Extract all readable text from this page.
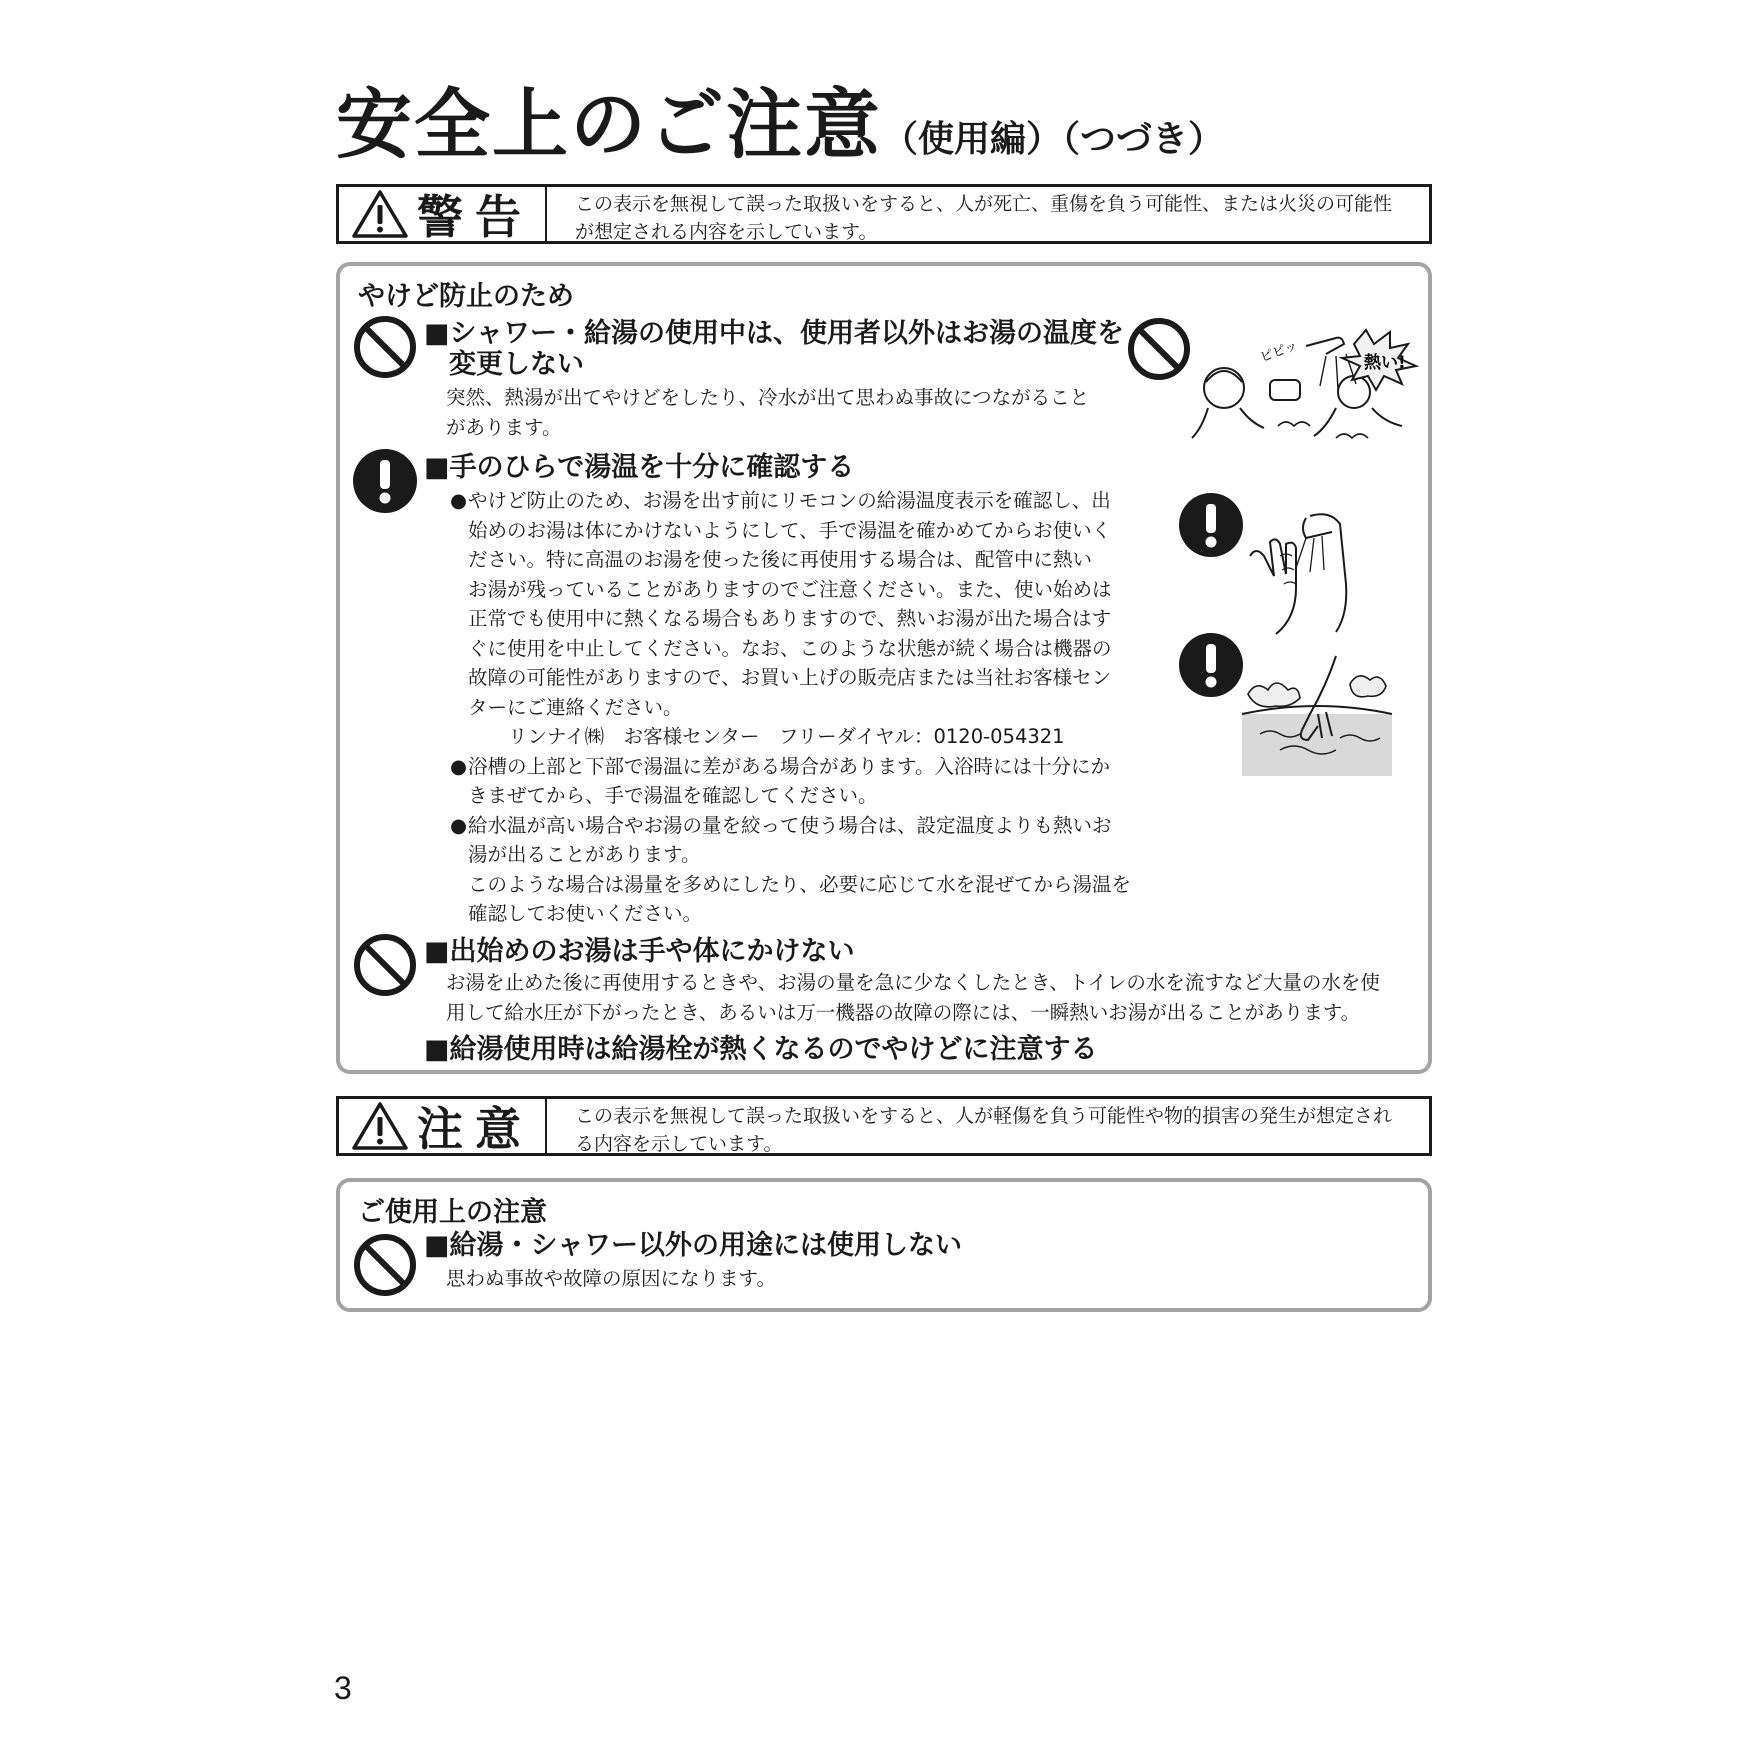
安全上のご注意（使用編）（つづき）
警告	この表示を無視して誤った取扱いをすると、人が死亡、重傷を負う可能性、または火災の可能性が想定される内容を示しています。
やけど防止のため
■シャワー・給湯の使用中は、使用者以外はお湯の温度を
変更しない

突然、熱湯が出てやけどをしたり、冷水が出て思わぬ事故につながること

があります。

ピピッ	熱い!
■手のひらで湯温を十分に確認する
● やけど防止のため、お湯を出す前にリモコンの給湯温度表示を確認し、出

始めのお湯は体にかけないようにして、手で湯温を確かめてからお使いく

ださい。特に高温のお湯を使った後に再使用する場合は、配管中に熱い

お湯が残っていることがありますのでご注意ください。また、使い始めは

正常でも使用中に熱くなる場合もありますので、熱いお湯が出た場合はす

ぐに使用を中止してください。なお、このような状態が続く場合は機器の

故障の可能性がありますので、お買い上げの販売店または当社お客様セン

ターにご連絡ください。

リンナイ㈱　お客様センター　フリーダイヤル：0120-054321

● 浴槽の上部と下部で湯温に差がある場合があります。入浴時には十分にか

きまぜてから、手で湯温を確認してください。

● 給水温が高い場合やお湯の量を絞って使う場合は、設定温度よりも熱いお

湯が出ることがあります。

このような場合は湯量を多めにしたり、必要に応じて水を混ぜてから湯温を

確認してお使いください。

■出始めのお湯は手や体にかけない

お湯を止めた後に再使用するときや、お湯の量を急に少なくしたとき、トイレの水を流すなど大量の水を使

用して給水圧が下がったとき、あるいは万一機器の故障の際には、一瞬熱いお湯が出ることがあります。

■給湯使用時は給湯栓が熱くなるのでやけどに注意する
注意	この表示を無視して誤った取扱いをすると、人が軽傷を負う可能性や物的損害の発生が想定される内容を示しています。
ご使用上の注意
■給湯・シャワー以外の用途には使用しない

思わぬ事故や故障の原因になります。

3
